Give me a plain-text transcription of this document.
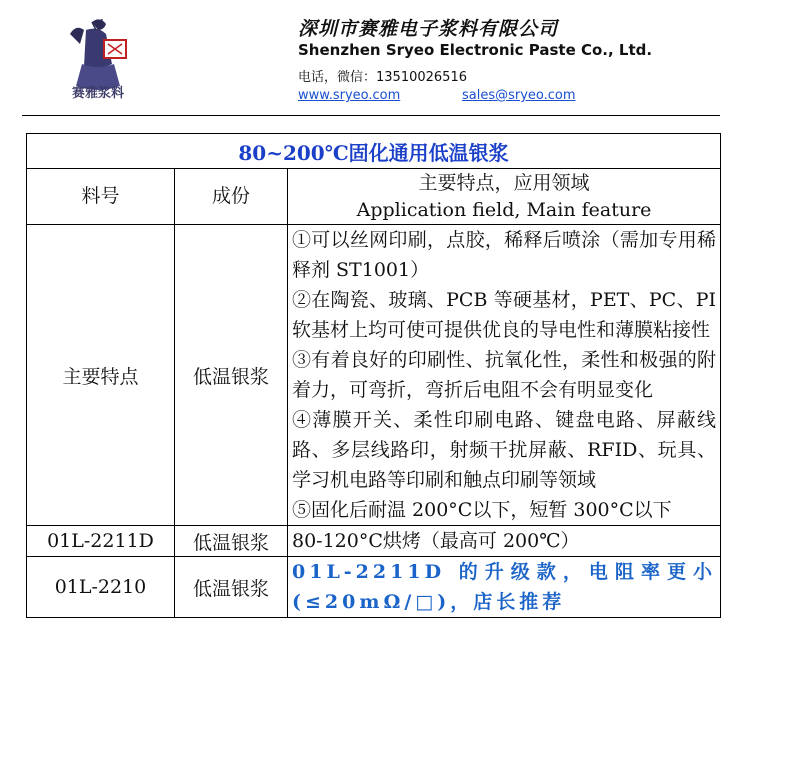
赛雅浆料
深圳市赛雅电子浆料有限公司
Shenzhen Sryeo Electronic Paste Co., Ltd.
电话，微信：13510026516
www.sryeo.com	sales@sryeo.com
80~200℃固化通用低温银浆		
料号	成份	主要特点，应用领域
Application field, Main feature

主要特点	低温银浆	①可以丝网印刷，点胶，稀释后喷涂（需加专用稀释剂 ST1001）

②在陶瓷、玻璃、PCB 等硬基材，PET、PC、PI 软基材上均可使可提供优良的导电性和薄膜粘接性

③有着良好的印刷性、抗氧化性，柔性和极强的附着力，可弯折，弯折后电阻不会有明显变化

④薄膜开关、柔性印刷电路、键盘电路、屏蔽线路、多层线路印，射频干扰屏蔽、RFID、玩具、学习机电路等印刷和触点印刷等领域

⑤固化后耐温 200°C以下，短暂 300°C以下

01L-2211D	低温银浆	80-120°C烘烤（最高可 200℃）
01L-2210	低温银浆	01L-2211D 的升级款，电阻率更小(≤20mΩ/□)，店长推荐
